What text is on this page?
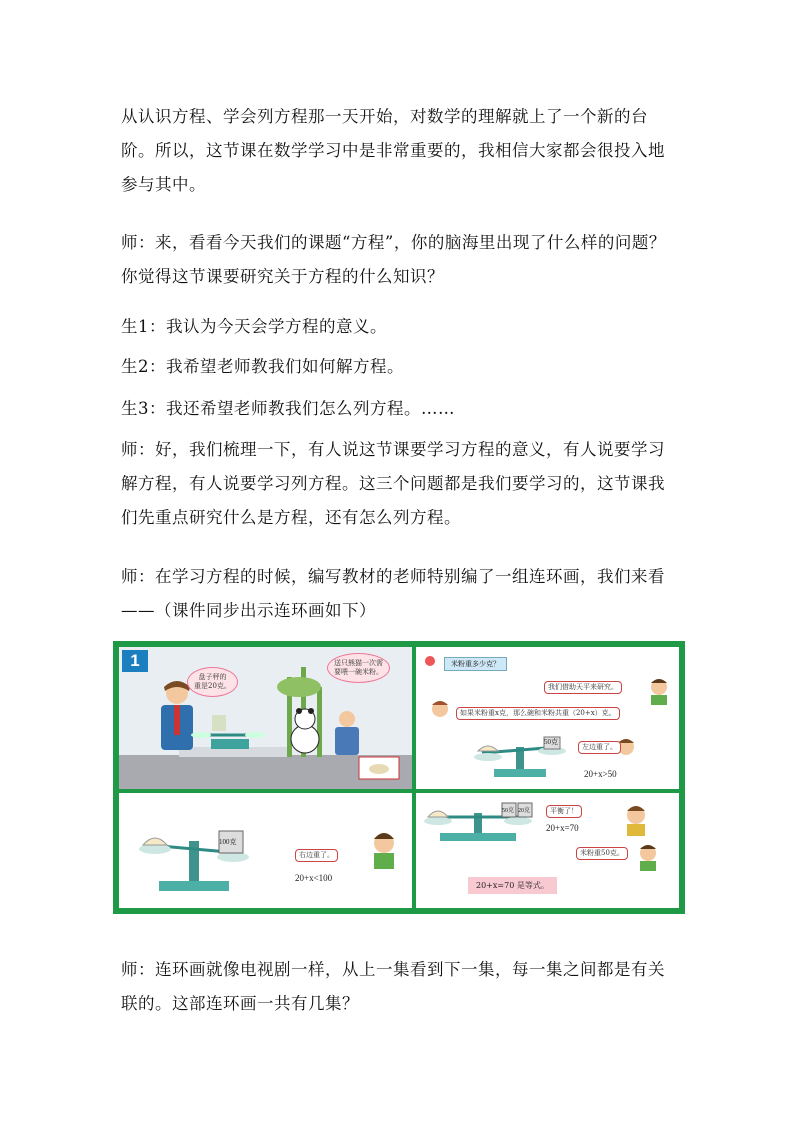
从认识方程、学会列方程那一天开始，对数学的理解就上了一个新的台阶。所以，这节课在数学学习中是非常重要的，我相信大家都会很投入地参与其中。

师：来，看看今天我们的课题“方程”，你的脑海里出现了什么样的问题？你觉得这节课要研究关于方程的什么知识？

生1：我认为今天会学方程的意义。

生2：我希望老师教我们如何解方程。

生3：我还希望老师教我们怎么列方程。……

师：好，我们梳理一下，有人说这节课要学习方程的意义，有人说要学习解方程，有人说要学习列方程。这三个问题都是我们要学习的，这节课我们先重点研究什么是方程，还有怎么列方程。

师：在学习方程的时候，编写教材的老师特别编了一组连环画，我们来看——（课件同步出示连环画如下）

1
盘子秤的
重是20克。
送只熊猫一次需
要喂一碗米粉。
米粉重多少克？
我们借助天平来研究。
如果米粉重x克，那么碗和米粉共重（20+x）克。
左边重了。
50克
20+x>50
100克
右边重了。
20+x<100
50克 20克	平衡了！
20+x=70
米粉重50克。
20+x=70 是等式。

师：连环画就像电视剧一样，从上一集看到下一集，每一集之间都是有关联的。这部连环画一共有几集？
